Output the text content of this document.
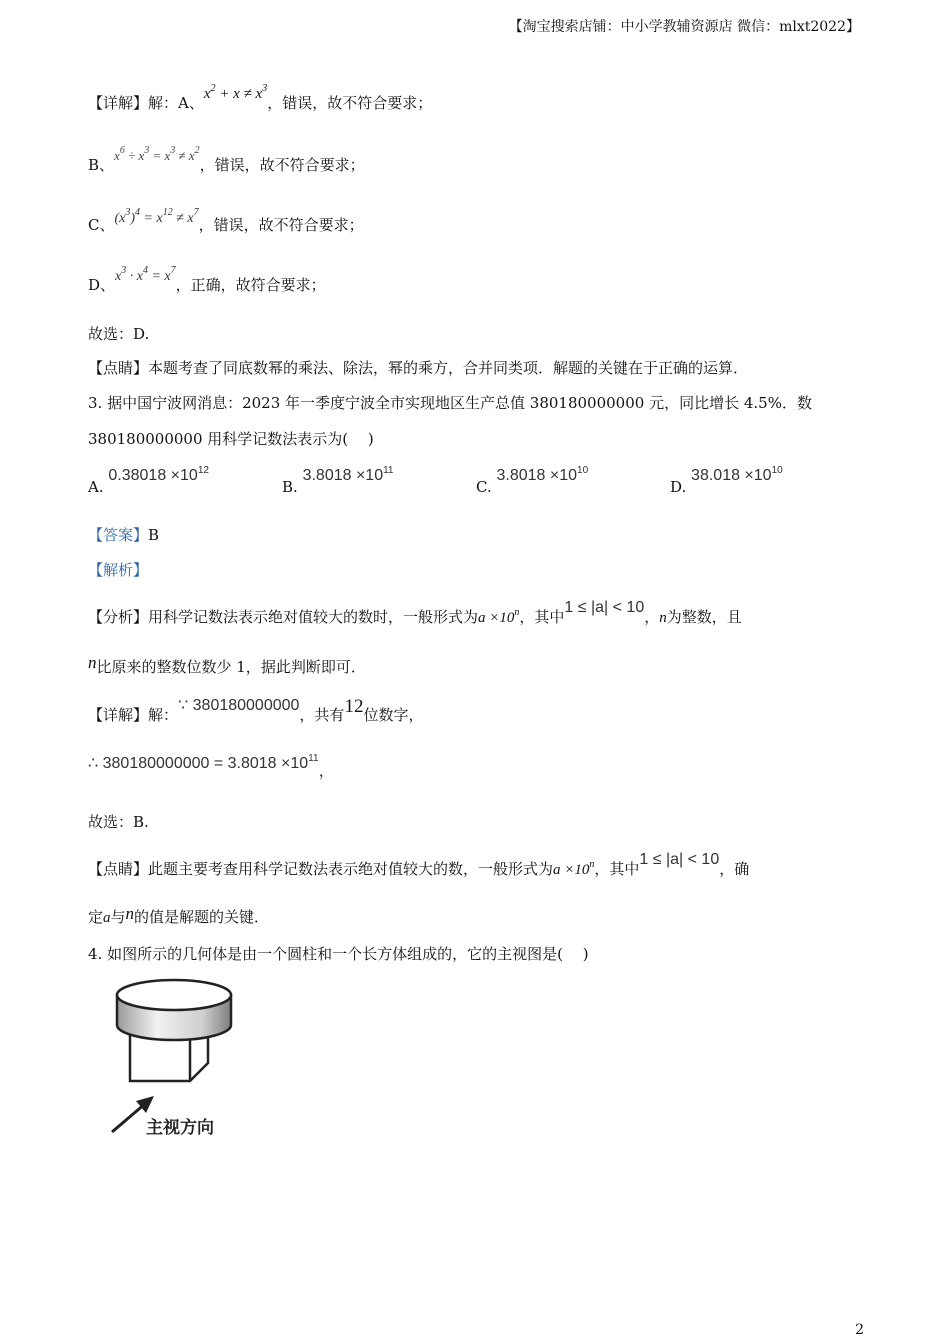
【淘宝搜索店铺：中小学教辅资源店 微信：mlxt2022】
【详解】解：A、$x^2 + x \ne x^3$，错误，故不符合要求；
B、$x^6 \div x^3 = x^3 \ne x^2$，错误，故不符合要求；
C、$(x^3)^4 = x^{12} \ne x^7$，错误，故不符合要求；
D、$x^3 \cdot x^4 = x^7$，正确，故符合要求；
故选：D.
【点睛】本题考查了同底数幂的乘法、除法，幂的乘方，合并同类项．解题的关键在于正确的运算．
3. 据中国宁波网消息：2023 年一季度宁波全市实现地区生产总值 380180000000 元，同比增长 4.5%．数
380180000000 用科学记数法表示为(　 )
A. $0.38018 \times 10^{12}$
B. $3.8018 \times 10^{11}$
C. $3.8018 \times 10^{10}$
D. $38.018 \times 10^{10}$
【答案】B
【解析】
【分析】用科学记数法表示绝对值较大的数时，一般形式为$a \times 10^n$，其中1 ≤ |a| < 10，n为整数，且
n比原来的整数位数少 1，据此判断即可．
【详解】解：∵ 380180000000，共有12位数字，
∴ $380180000000 = 3.8018 \times 10^{11}$，
故选：B.
【点睛】此题主要考查用科学记数法表示绝对值较大的数，一般形式为$a \times 10^n$，其中1 ≤ |a| < 10，确
定a与n的值是解题的关键．
4. 如图所示的几何体是由一个圆柱和一个长方体组成的，它的主视图是(　 )
主视方向
2
